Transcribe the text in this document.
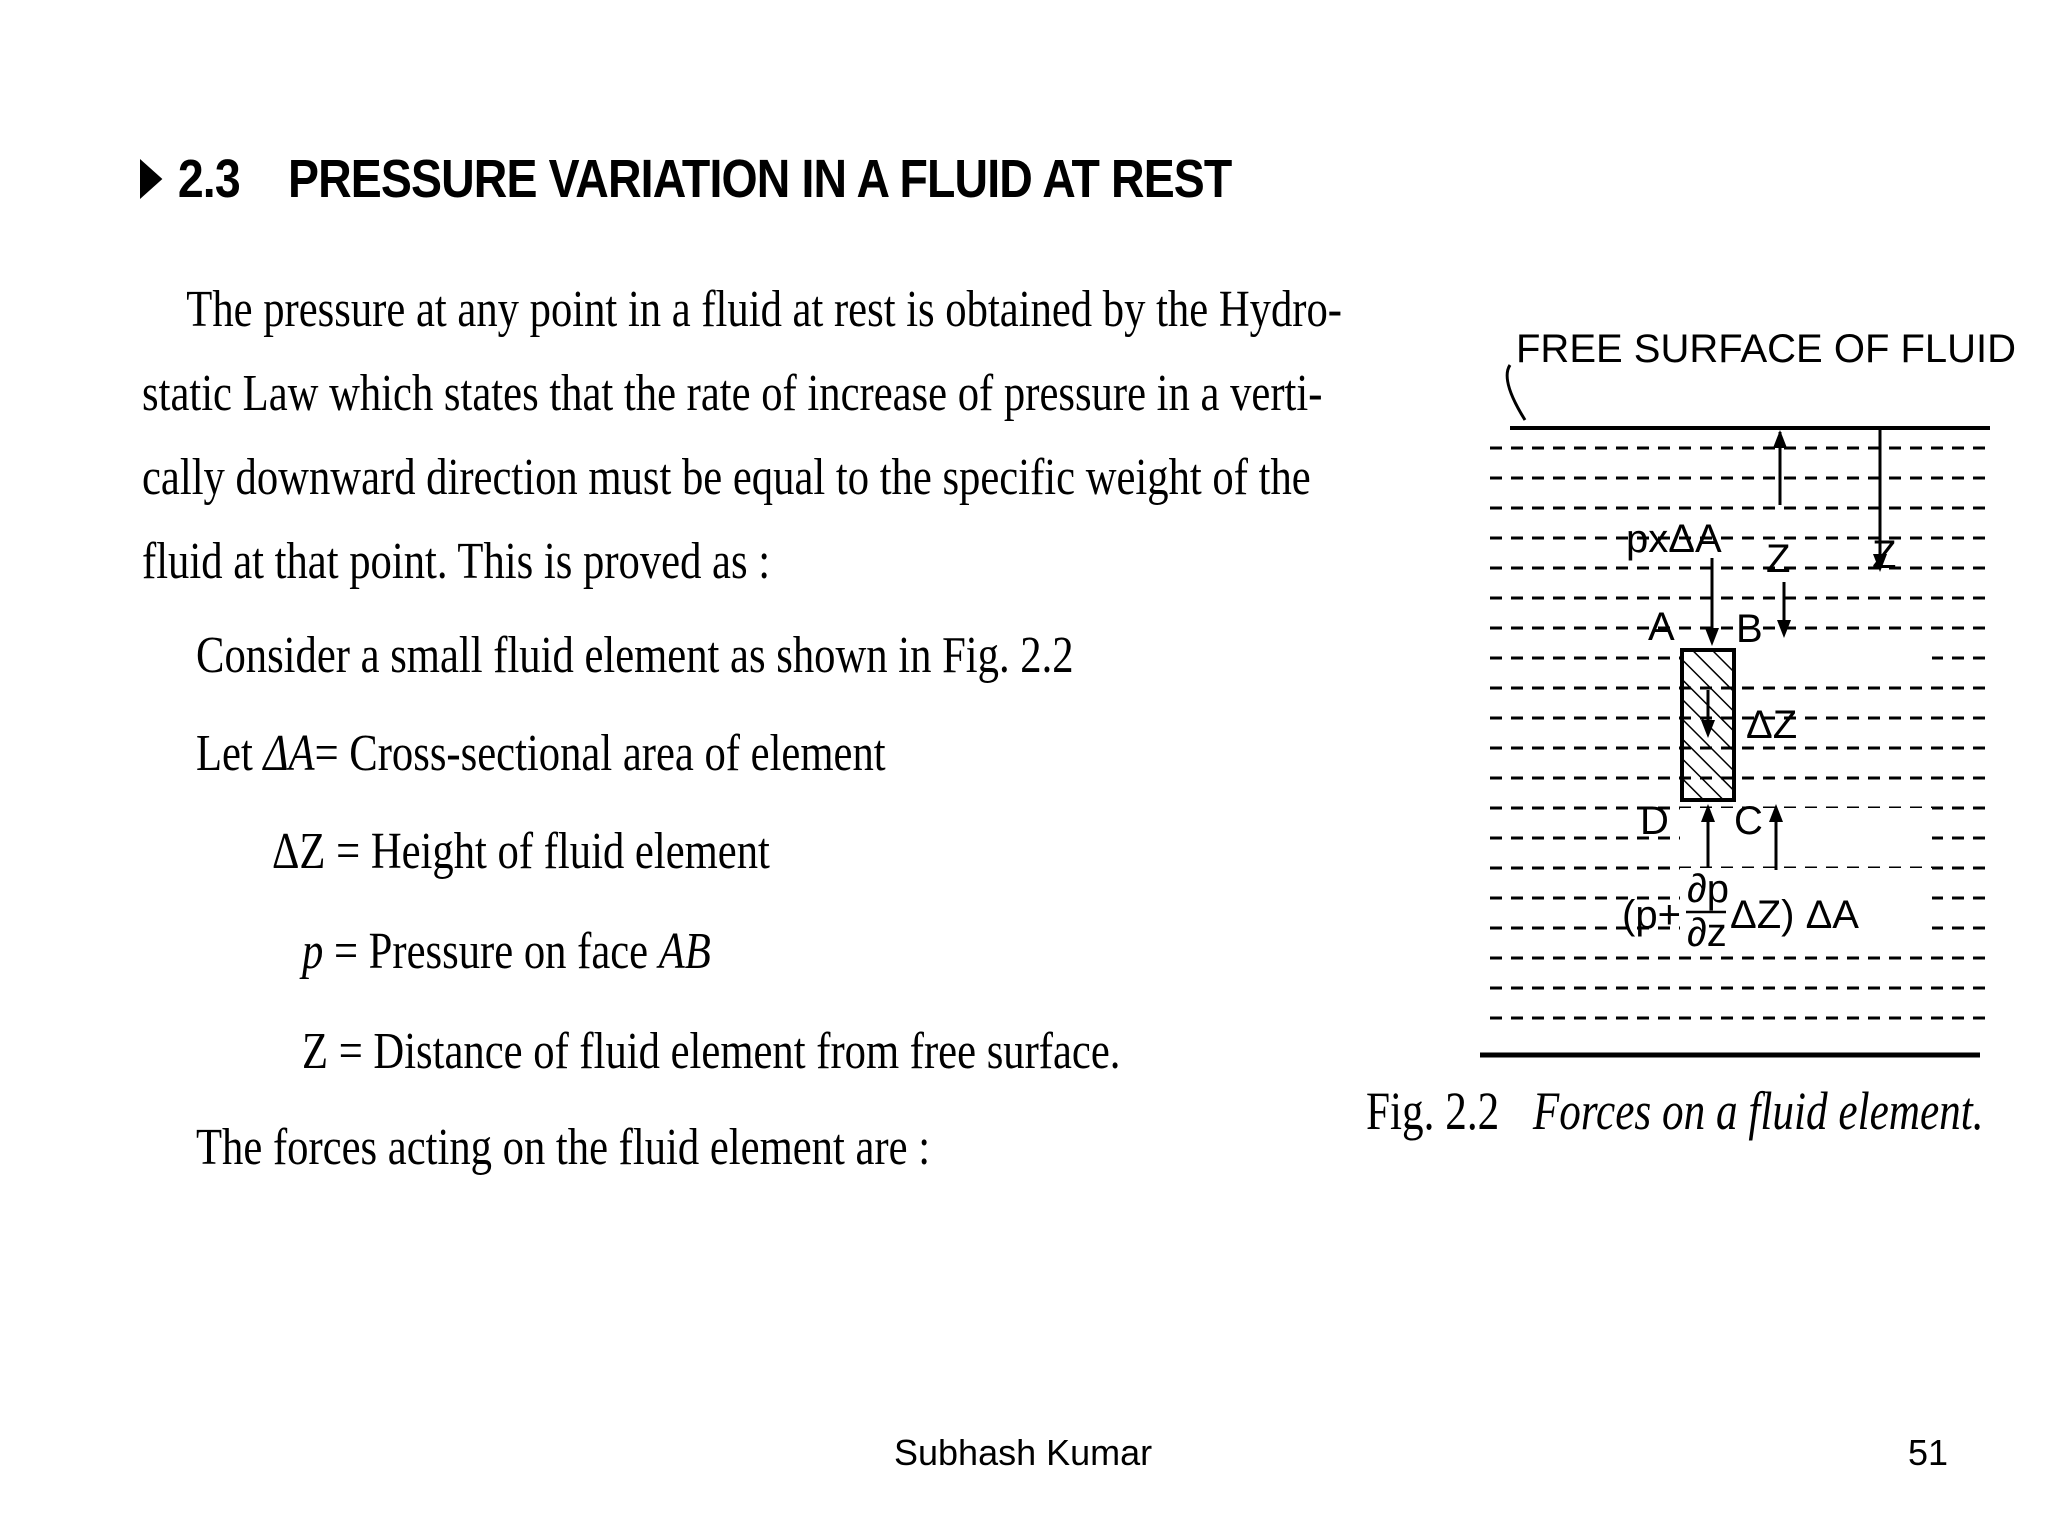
2.3 PRESSURE VARIATION IN A FLUID AT REST

The pressure at any point in a fluid at rest is obtained by the Hydro-

static Law which states that the rate of increase of pressure in a verti-

cally downward direction must be equal to the specific weight of the

fluid at that point. This is proved as :

Consider a small fluid element as shown in Fig. 2.2
Let ΔA= Cross-sectional area of element
ΔZ = Height of fluid element
p = Pressure on face AB
Z = Distance of fluid element from free surface.
The forces acting on the fluid element are :
FREE SURFACE OF FLUID
Z
pxΔA Z
A B
ΔZ
D C
(p+
∂p
∂z ΔZ) ΔA
Fig. 2.2 Forces on a fluid element.
Subhash Kumar	51
